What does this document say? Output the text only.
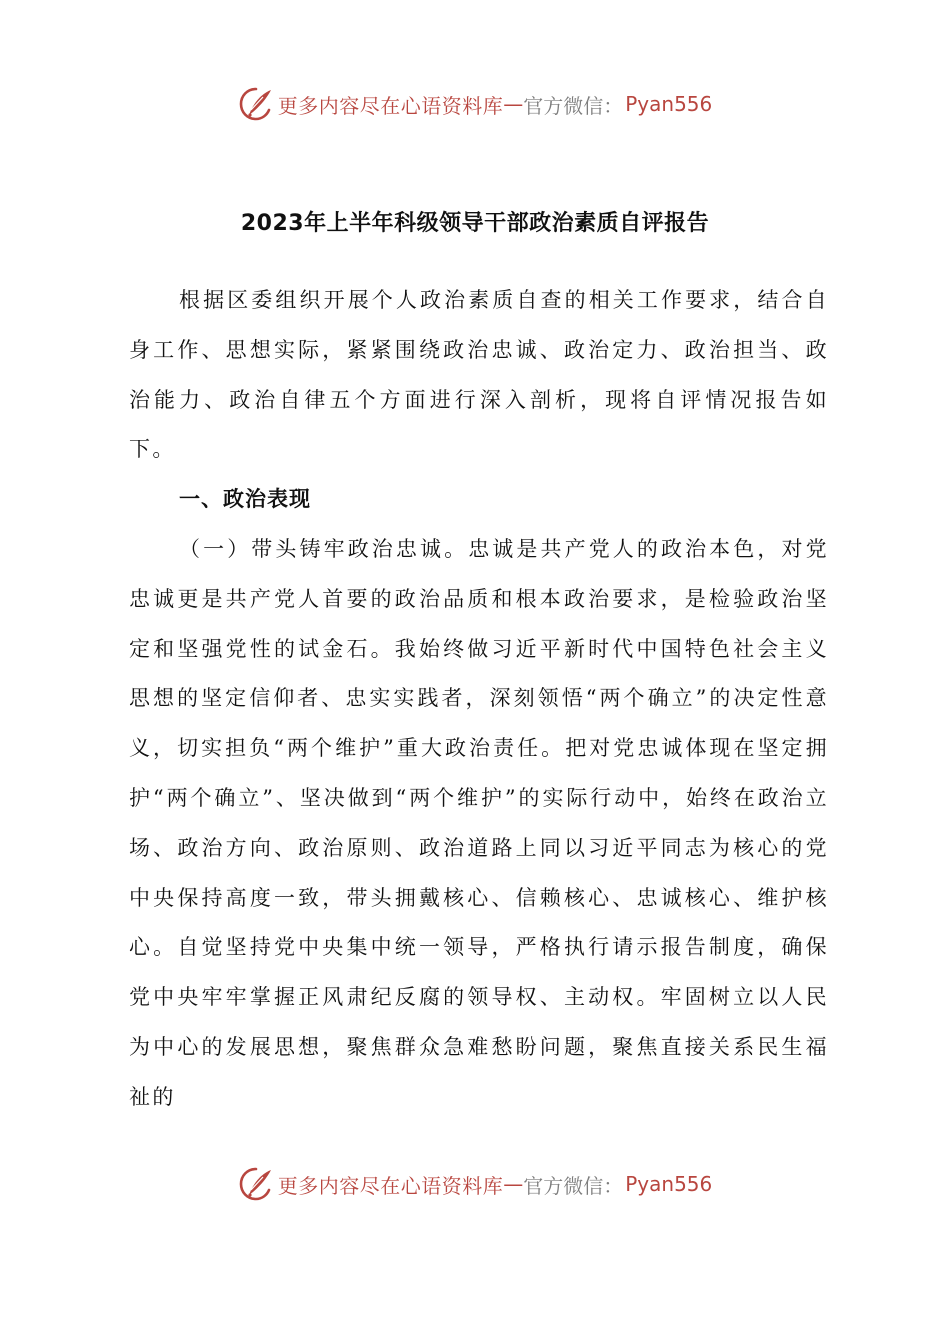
更多内容尽在心语资料库 — 官方微信： Pyan556
2023年上半年科级领导干部政治素质自评报告

根据区委组织开展个人政治素质自查的相关工作要求，结合自身工作、思想实际，紧紧围绕政治忠诚、政治定力、政治担当、政治能力、政治自律五个方面进行深入剖析，现将自评情况报告如下。

一、政治表现

（一）带头铸牢政治忠诚。忠诚是共产党人的政治本色，对党忠诚更是共产党人首要的政治品质和根本政治要求，是检验政治坚定和坚强党性的试金石。我始终做习近平新时代中国特色社会主义思想的坚定信仰者、忠实实践者，深刻领悟“两个确立”的决定性意义，切实担负“两个维护”重大政治责任。把对党忠诚体现在坚定拥护“两个确立”、坚决做到“两个维护”的实际行动中，始终在政治立场、政治方向、政治原则、政治道路上同以习近平同志为核心的党中央保持高度一致，带头拥戴核心、信赖核心、忠诚核心、维护核心。自觉坚持党中央集中统一领导，严格执行请示报告制度，确保党中央牢牢掌握正风肃纪反腐的领导权、主动权。牢固树立以人民为中心的发展思想，聚焦群众急难愁盼问题，聚焦直接关系民生福祉的

更多内容尽在心语资料库 — 官方微信： Pyan556
